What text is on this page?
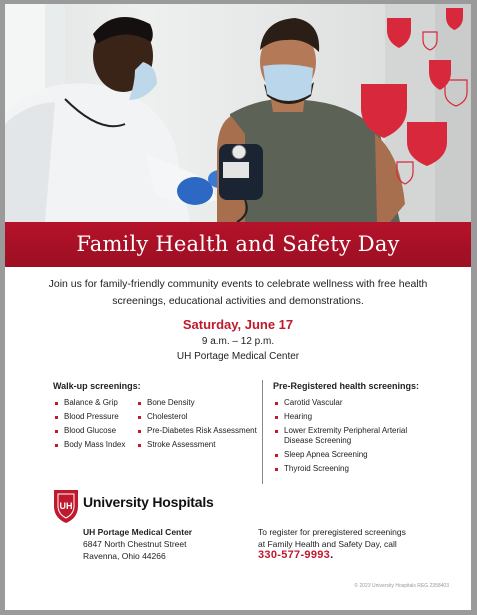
Family Health and Safety Day
Join us for family-friendly community events to celebrate wellness with free health screenings, educational activities and demonstrations.
Saturday, June 17
9 a.m. – 12 p.m.
UH Portage Medical Center
Walk-up screenings:
Balance & Grip
Blood Pressure
Blood Glucose
Body Mass Index
Bone Density
Cholesterol
Pre-Diabetes Risk Assessment
Stroke Assessment
Pre-Registered health screenings:
Carotid Vascular
Hearing
Lower Extremity Peripheral Arterial Disease Screening
Sleep Apnea Screening
Thyroid Screening
UH University Hospitals
UH Portage Medical Center
6847 North Chestnut Street
Ravenna, Ohio 44266
To register for preregistered screenings
at Family Health and Safety Day, call
330-577-9993.
© 2023 University Hospitals REG 2358403
